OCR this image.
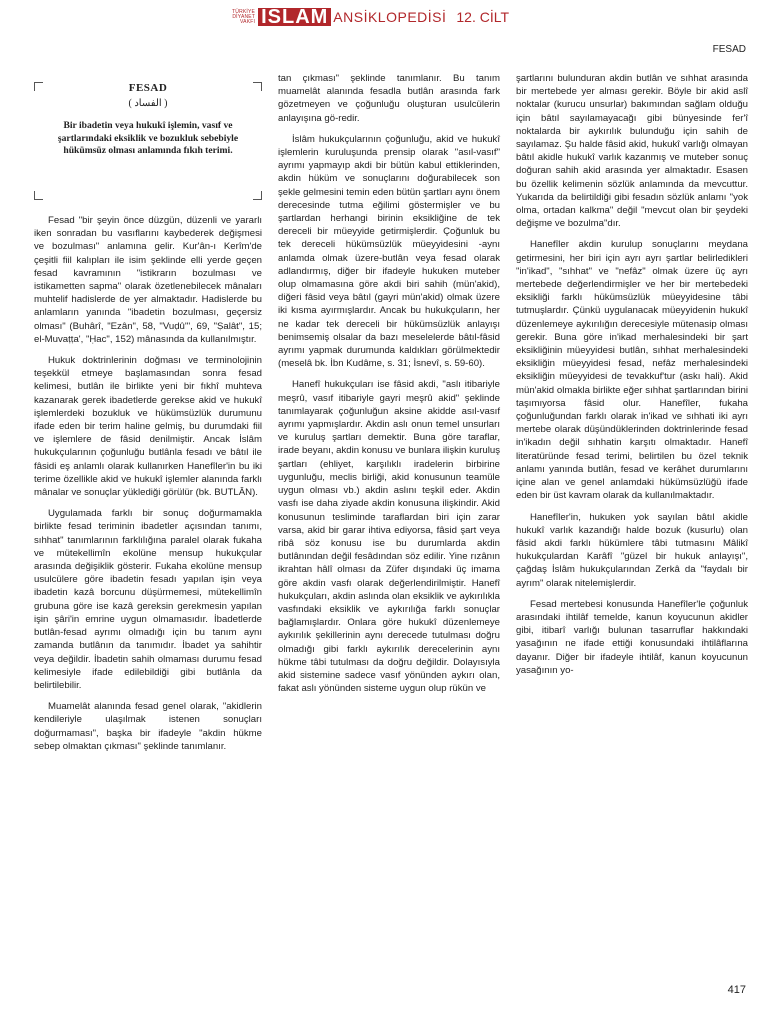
TÜRKİYE
DİYANET
VAKFI İSLÂM ANSİKLOPEDİSİ 12. CİLT
FESAD
FESAD
( الفساد )
Bir ibadetin veya hukukî işlemin, vasıf ve şartlarındaki eksiklik ve bozukluk sebebiyle hükümsüz olması anlamında fıkıh terimi.

Fesad "bir şeyin önce düzgün, düzenli ve yararlı iken sonradan bu vasıflarını kaybederek değişmesi ve bozulması" anlamına gelir. Kur'ân-ı Kerîm'de çeşitli fiil kalıpları ile isim şeklinde elli yerde geçen fesad kavramının "istikrarın bozulması ve istikametten sapma" olarak özetlenebilecek mânaları muhtelif hadislerde de yer almaktadır. Hadislerde bu anlamların yanında "ibadetin bozulması, geçersiz olması" (Buhârî, "Ezân", 58, "Vuḍû'", 69, "Ṣalât", 15; el-Muvaṭṭa', "Ḥac", 152) mânasında da kullanılmıştır.

Hukuk doktrinlerinin doğması ve terminolojinin teşekkül etmeye başlamasından sonra fesad kelimesi, butlân ile birlikte yeni bir fıkhî muhteva kazanarak gerek ibadetlerde gerekse akid ve hukukî işlemlerdeki bozukluk ve hükümsüzlük durumunu ifade eden bir terim haline gelmiş, bu durumdaki fiil ve işlemlere de fâsid denilmiştir. Ancak İslâm hukukçularının çoğunluğu butlânla fesadı ve bâtıl ile fâsidi eş anlamlı olarak kullanırken Hanefîler'in bu iki terime özellikle akid ve hukukî işlemler alanında farklı mânalar ve sonuçlar yüklediği görülür (bk. BUTLÂN).

Uygulamada farklı bir sonuç doğurmamakla birlikte fesad teriminin ibadetler açısından tanımı, sıhhat" tanımlarının farklılığına paralel olarak fukaha ve mütekellimîn ekolüne mensup hukukçular arasında değişiklik gösterir. Fukaha ekolüne mensup usulcülere göre ibadetin fesadı yapılan işin veya ibadetin kazâ borcunu düşürmemesi, mütekellimîn grubuna göre ise kazâ gereksin gerekmesin yapılan işin şâri'in emrine uygun olmamasıdır. İbadetlerde butlân-fesad ayrımı olmadığı için bu tanım aynı zamanda butlânın da tanımıdır. İbadet ya sahihtir veya değildir. İbadetin sahih olmaması durumu fesad kelimesiyle ifade edilebildiği gibi butlânla da belirtilebilir.

Muamelât alanında fesad genel olarak, "akidlerin kendileriyle ulaşılmak istenen sonuçları doğurmaması", başka bir ifadeyle "akdin hükme sebep olmaktan çıkması" şeklinde tanımlanır.

tan çıkması" şeklinde tanımlanır. Bu tanım muamelât alanında fesadla butlân arasında fark gözetmeyen ve çoğunluğu oluşturan usulcülerin anlayışına gö-redir.

İslâm hukukçularının çoğunluğu, akid ve hukukî işlemlerin kuruluşunda prensip olarak "asıl-vasıf" ayrımı yapmayıp akdi bir bütün kabul ettiklerinden, akdin hüküm ve sonuçlarını doğurabilecek son şekle gelmesini temin eden bütün şartları aynı önem derecesinde tutma eğilimi göstermişler ve bu şartlardan herhangi birinin eksikliğine de tek dereceli bir müeyyide getirmişlerdir. Çoğunluk bu tek dereceli hükümsüzlük müeyyidesini -aynı anlamda olmak üzere-butlân veya fesad olarak adlandırmış, diğer bir ifadeyle hukuken muteber olup olmamasına göre akdi biri sahih (mün'akid), diğeri fâsid veya bâtıl (gayri mün'akid) olmak üzere iki kısma ayırmışlardır. Ancak bu hukukçuların, her ne kadar tek dereceli bir hükümsüzlük anlayışı benimsemiş olsalar da bazı meselelerde bâtıl-fâsid ayrımı yapmak durumunda kaldıkları görülmektedir (meselâ bk. İbn Kudâme, s. 31; İsnevî, s. 59-60).

Hanefî hukukçuları ise fâsid akdi, "aslı itibariyle meşrû, vasıf itibariyle gayri meşrû akid" şeklinde tanımlayarak çoğunluğun aksine akidde asıl-vasıf ayrımı yapmışlardır. Akdin aslı onun temel unsurları ve kuruluş şartları demektir. Buna göre taraflar, irade beyanı, akdin konusu ve bunlara ilişkin kuruluş şartları (ehliyet, karşılıklı iradelerin birbirine uygunluğu, meclis birliği, akid konusunun teamüle uygun olması vb.) akdin aslını teşkil eder. Akdin vasfı ise daha ziyade akdin konusuna ilişkindir. Akid konusunun tesliminde taraflardan biri için zarar varsa, akid bir garar ihtiva ediyorsa, fâsid şart veya ribâ söz konusu ise bu durumlarda akdin butlânından değil fesâdından söz edilir. Yine rızânın ikrahtan hâlî olması da Züfer dışındaki üç imama göre akdin vasfı olarak değerlendirilmiştir. Hanefî hukukçuları, akdin aslında olan eksiklik ve aykırılıkla vasfındaki eksiklik ve aykırılığa farklı sonuçlar bağlamışlardır. Onlara göre hukukî düzenlemeye aykırılık şekillerinin aynı derecede tutulması doğru olmadığı gibi farklı aykırılık derecelerinin aynı hükme tâbi tutulması da doğru değildir. Dolayısıyla akid sistemine sadece vasıf yönünden aykırı olan, fakat aslı yönünden sisteme uygun olup rükün ve

şartlarını bulunduran akdin butlân ve sıhhat arasında bir mertebede yer alması gerekir. Böyle bir akid aslî noktalar (kurucu unsurlar) bakımından sağlam olduğu için bâtıl sayılamayacağı gibi bünyesinde fer'î noktalarda bir aykırılık bulunduğu için sahih de sayılamaz. Şu halde fâsid akid, hukukî varlığı olmayan bâtıl akidle hukukî varlık kazanmış ve muteber sonuç doğuran sahih akid arasında yer almaktadır. Esasen bu özellik kelimenin sözlük anlamında da mevcuttur. Yukarıda da belirtildiği gibi fesadın sözlük anlamı "yok olma, ortadan kalkma" değil "mevcut olan bir şeydeki değişme ve bozulma"dır.

Hanefîler akdin kurulup sonuçlarını meydana getirmesini, her biri için ayrı ayrı şartlar belirledikleri "in'ikad", "sıhhat" ve "nefâz" olmak üzere üç ayrı mertebede değerlendirmişler ve her bir mertebedeki eksikliği farklı hükümsüzlük müeyyidesine tâbi tutmuşlardır. Çünkü uygulanacak müeyyidenin hukukî düzenlemeye aykırılığın derecesiyle mütenasip olması gerekir. Buna göre in'ikad merhalesindeki bir şart eksikliğinin müeyyidesi butlân, sıhhat merhalesindeki eksikliğin müeyyidesi fesad, nefâz merhalesindeki eksikliğin müeyyidesi de tevakkuf'tur (askı hali). Akid mün'akid olmakla birlikte eğer sıhhat şartlarından birini taşımıyorsa fâsid olur. Hanefîler, fukaha çoğunluğundan farklı olarak in'ikad ve sıhhati iki ayrı mertebe olarak düşündüklerinden doktrinlerinde fesad in'ikadın değil sıhhatin karşıtı olmaktadır. Hanefî literatüründe fesad terimi, belirtilen bu özel teknik anlamı yanında butlân, fesad ve kerâhet durumlarını içine alan ve genel anlamdaki hükümsüzlüğü ifade eden bir üst kavram olarak da kullanılmaktadır.

Hanefîler'in, hukuken yok sayılan bâtıl akidle hukukî varlık kazandığı halde bozuk (kusurlu) olan fâsid akdi farklı hükümlere tâbi tutmasını Mâlikî hukukçulardan Karâfî "güzel bir hukuk anlayışı", çağdaş İslâm hukukçularından Zerkâ da "faydalı bir ayrım" olarak nitelemişlerdir.

Fesad mertebesi konusunda Hanefîler'le çoğunluk arasındaki ihtilâf temelde, kanun koyucunun akidler gibi, itibarî varlığı bulunan tasarruflar hakkındaki yasağının ne ifade ettiği konusundaki ihtilâflarına dayanır. Diğer bir ifadeyle ihtilâf, kanun koyucunun yasağının yo-

417
